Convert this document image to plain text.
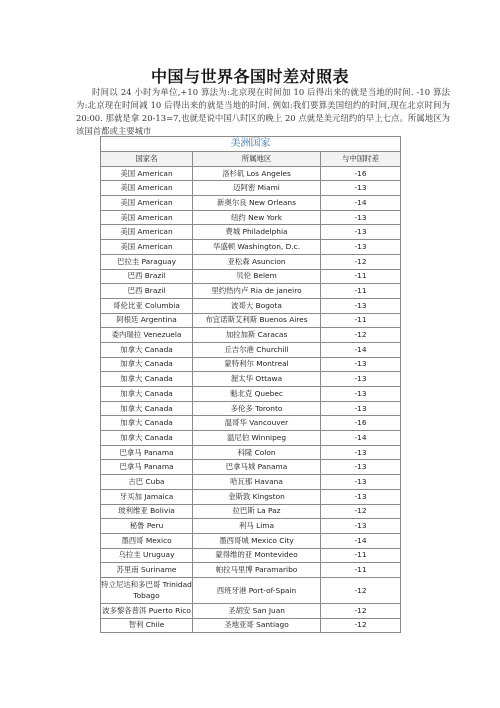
中国与世界各国时差对照表

时间以 24 小时为单位,+10 算法为:北京现在时间加 10 后得出来的就是当地的时间. -10 算法为:北京现在时间减 10 后得出来的就是当地的时间. 例如:我们要算美国纽约的时间,现在北京时间为 20:00. 那就是拿 20-13=7,也就是说中国八时区的晚上 20 点就是美元纽约的早上七点。所属地区为该国首都或主要城市

美洲国家		
国家名	所属地区	与中国时差
美国 American	洛杉矶 Los Angeles	-16
美国 American	迈阿密 Miami	-13
美国 American	新奥尔良 New Orleans	-14
美国 American	纽约 New York	-13
美国 American	费城 Philadelphia	-13
美国 American	华盛顿 Washington, D.c.	-13
巴拉圭 Paraguay	亚松森 Asuncion	-12
巴西 Brazil	贝伦 Belem	-11
巴西 Brazil	里约热内卢 Ria de janeiro	-11
哥伦比亚 Columbia	波哥大 Bogota	-13
阿根廷 Argentina	布宜诺斯艾利斯 Buenos Aires	-11
委内瑞拉 Venezuela	加拉加斯 Caracas	-12
加拿大 Canada	丘吉尔港 Churchill	-14
加拿大 Canada	蒙特利尔 Montreal	-13
加拿大 Canada	渥太华 Ottawa	-13
加拿大 Canada	魁北克 Quebec	-13
加拿大 Canada	多伦多 Toronto	-13
加拿大 Canada	温哥华 Vancouver	-16
加拿大 Canada	温尼伯 Winnipeg	-14
巴拿马 Panama	科隆 Colon	-13
巴拿马 Panama	巴拿马城 Panama	-13
古巴 Cuba	哈瓦那 Havana	-13
牙买加 Jamaica	金斯敦 Kingston	-13
玻利维亚 Bolivia	拉巴斯 La Paz	-12
秘鲁 Peru	利马 Lima	-13
墨西哥 Mexico	墨西哥城 Mexico City	-14
乌拉圭 Uruguay	蒙得维的亚 Montevideo	-11
苏里南 Suriname	帕拉马里博 Paramaribo	-11
特立尼达和多巴哥 Trinidad Tobago	西班牙港 Port-of-Spain	-12
波多黎各普洱 Puerto Rico	圣胡安 San Juan	-12
智利 Chile	圣地亚哥 Santiago	-12
